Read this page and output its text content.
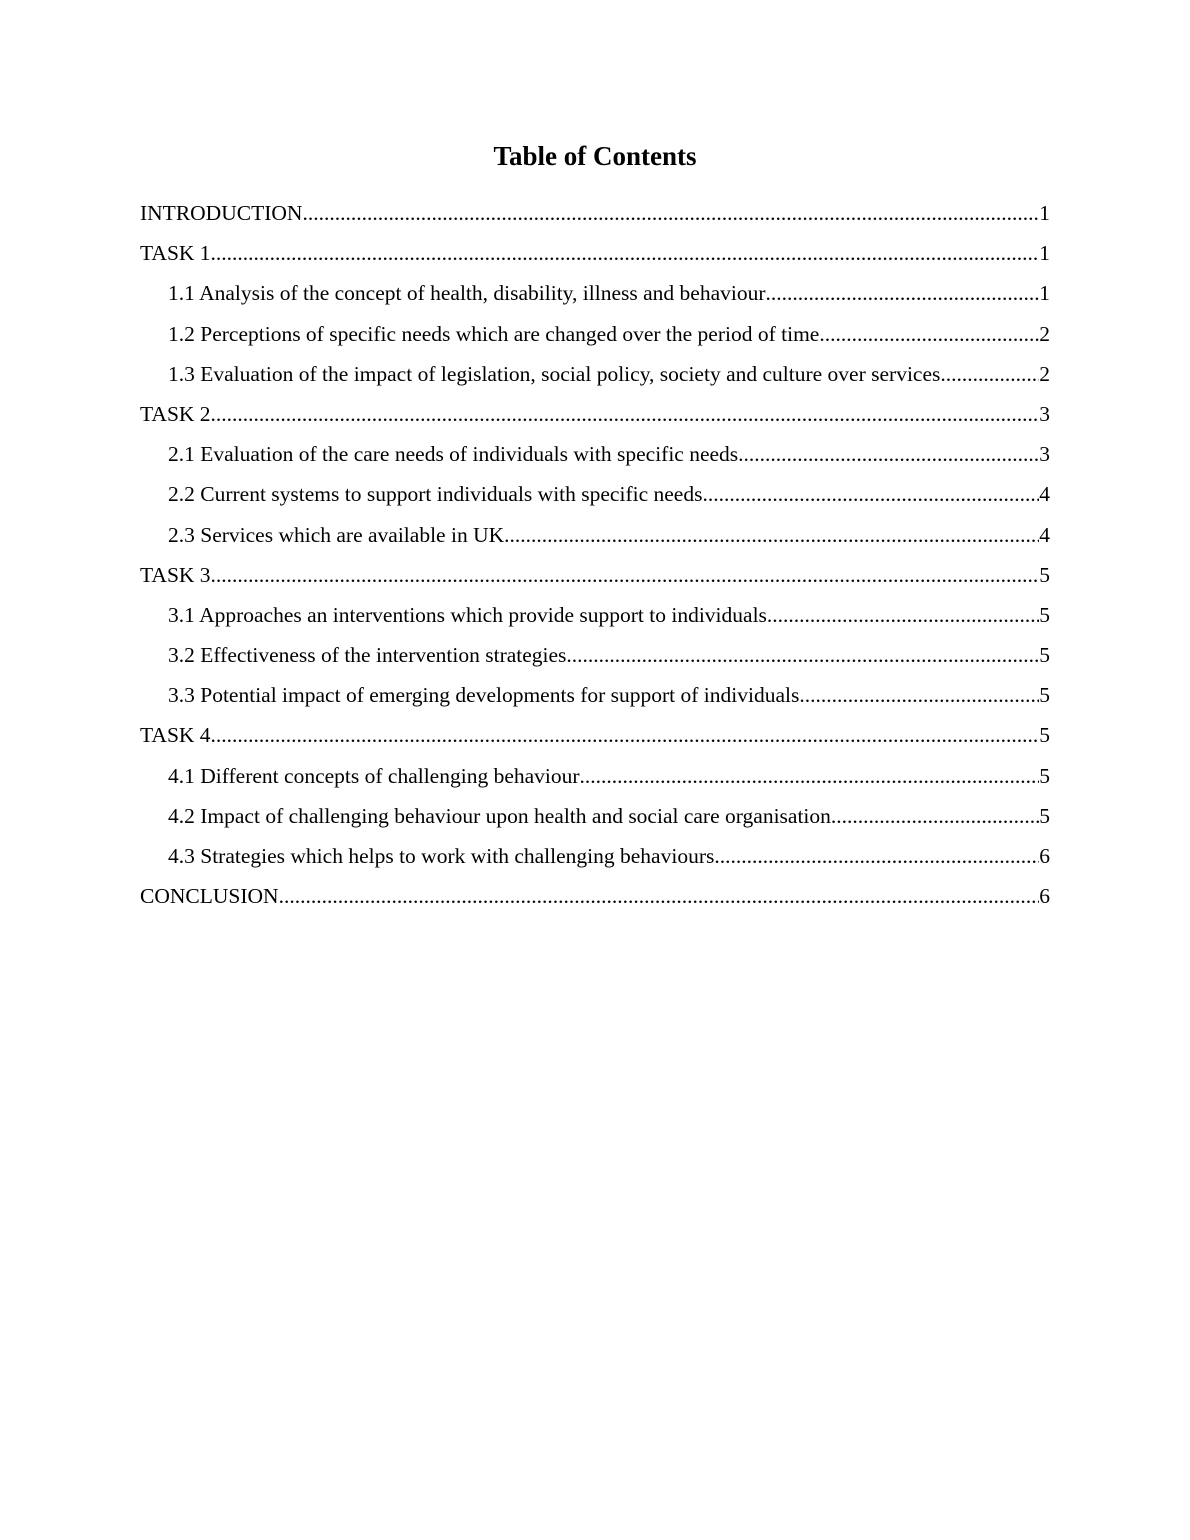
Table of Contents
INTRODUCTION .....	1
TASK 1 .....	1
1.1 Analysis of the concept of health, disability, illness and behaviour .....	1
1.2 Perceptions of specific needs which are changed over the period of time .....	2
1.3 Evaluation of the impact of legislation, social policy, society and culture over services .....	2
TASK 2 .....	3
2.1 Evaluation of the care needs of individuals with specific needs .....	3
2.2 Current systems to support individuals with specific needs .....	4
2.3 Services which are available in UK .....	4
TASK 3 .....	5
3.1 Approaches an interventions which provide support to individuals .....	5
3.2 Effectiveness of the intervention strategies .....	5
3.3 Potential impact of emerging developments for support of individuals .....	5
TASK 4 .....	5
4.1 Different concepts of challenging behaviour .....	5
4.2 Impact of challenging behaviour upon health and social care organisation .....	5
4.3 Strategies which helps to work with challenging behaviours .....	6
CONCLUSION .....	6
